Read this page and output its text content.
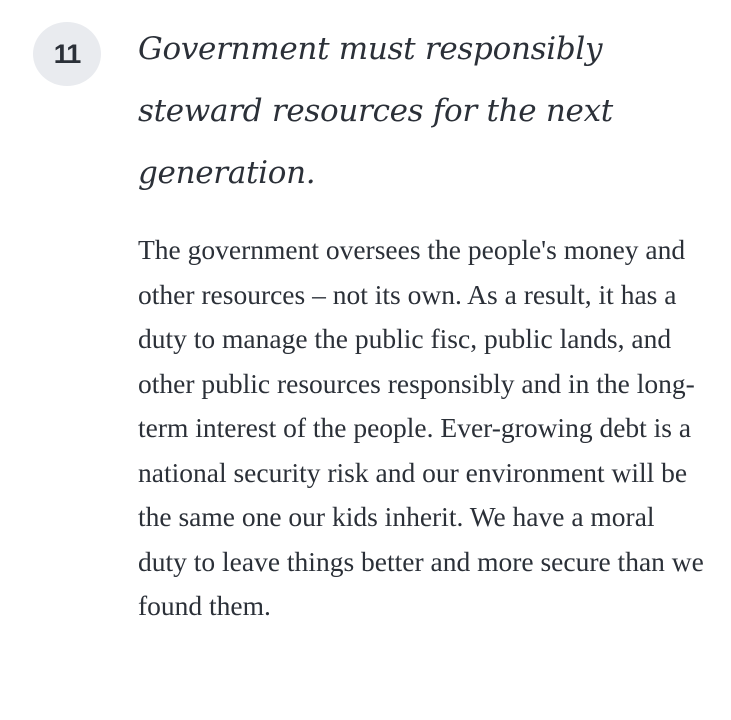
11 Government must responsibly steward resources for the next generation.

The government oversees the people's money and other resources – not its own. As a result, it has a duty to manage the public fisc, public lands, and other public resources responsibly and in the long-term interest of the people. Ever-growing debt is a national security risk and our environment will be the same one our kids inherit. We have a moral duty to leave things better and more secure than we found them.
